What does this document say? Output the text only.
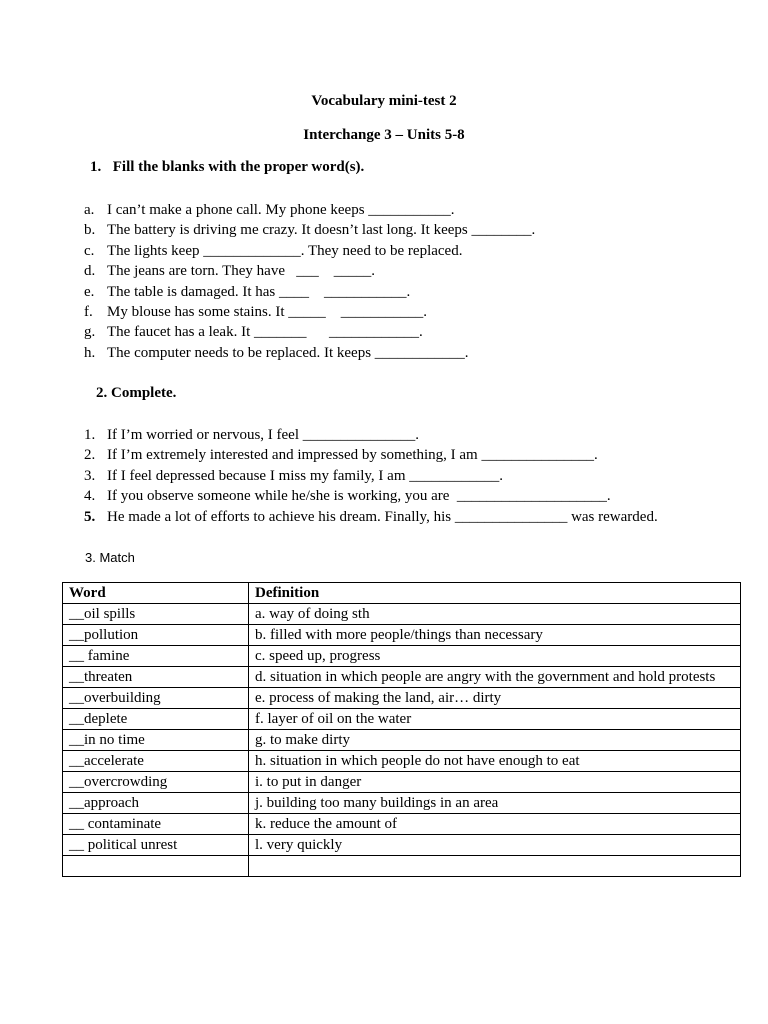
Vocabulary mini-test 2
Interchange 3 – Units 5-8
1. Fill the blanks with the proper word(s).
a. I can’t make a phone call. My phone keeps ___________.
b. The battery is driving me crazy. It doesn’t last long. It keeps ________.
c. The lights keep _____________. They need to be replaced.
d. The jeans are torn. They have   ___    _____.
e. The table is damaged. It has ____    ___________.
f. My blouse has some stains. It _____    ___________.
g. The faucet has a leak. It _______      ____________.
h. The computer needs to be replaced. It keeps ____________.
2. Complete.
1. If I’m worried or nervous, I feel _______________.
2. If I’m extremely interested and impressed by something, I am _______________.
3. If I feel depressed because I miss my family, I am ____________.
4. If you observe someone while he/she is working, you are  ____________________.
5. He made a lot of efforts to achieve his dream. Finally, his _______________ was rewarded.
3. Match
Word	Definition
__oil spills	a. way of doing sth
__pollution	b. filled with more people/things than necessary
__ famine	c. speed up, progress
__threaten	d. situation in which people are angry with the government and hold protests
__overbuilding	e. process of making the land, air… dirty
__deplete	f. layer of oil on the water
__in no time	g. to make dirty
__accelerate	h. situation in which people do not have enough to eat
__overcrowding	i. to put in danger
__approach	j. building too many buildings in an area
__ contaminate	k. reduce the amount of
__ political unrest	l. very quickly
